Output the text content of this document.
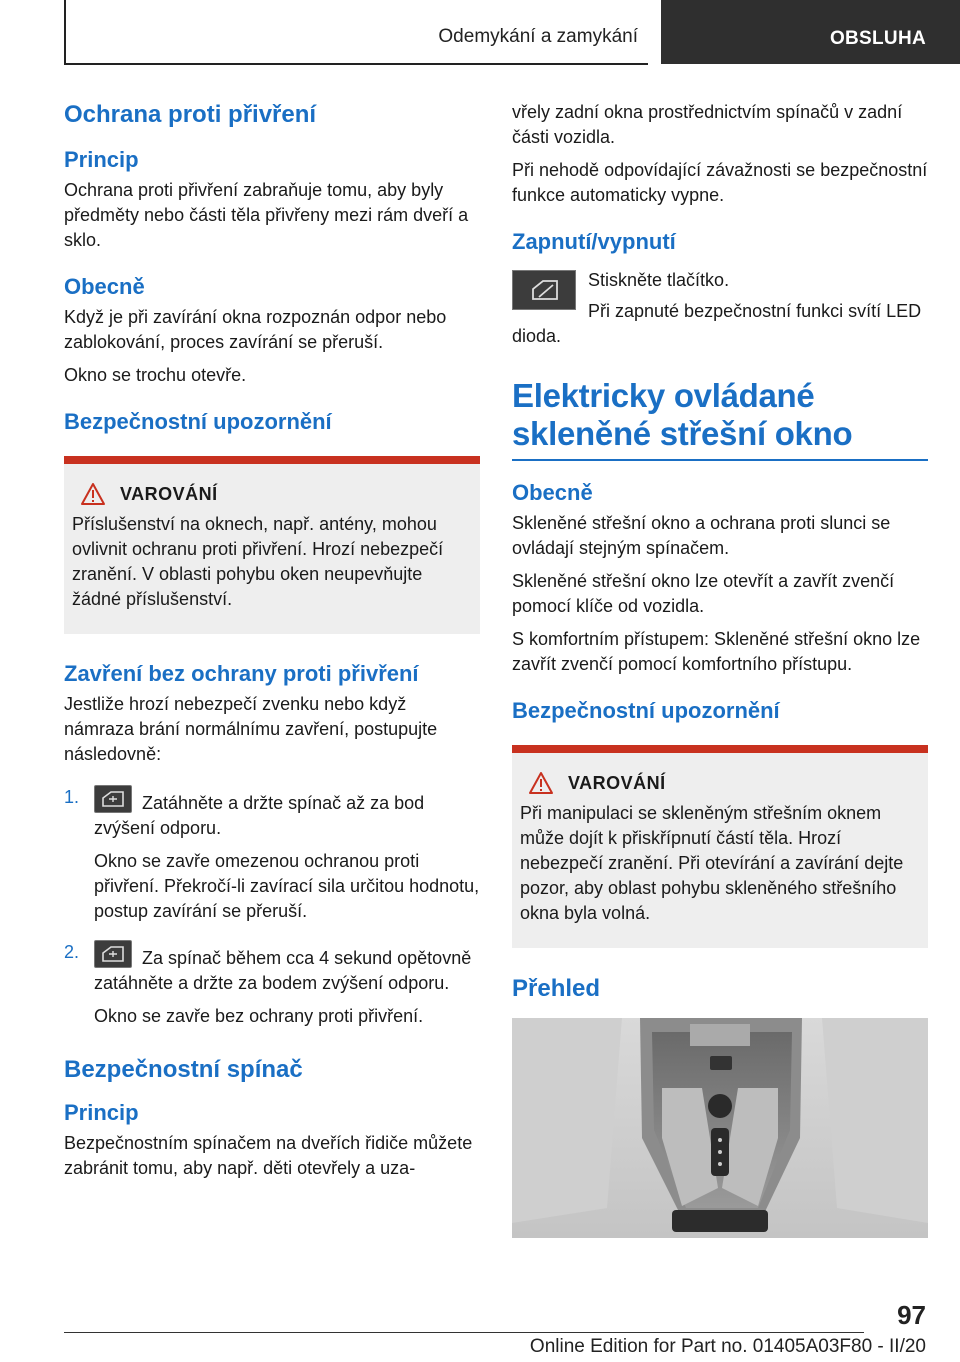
Odemykání a zamykání	OBSLUHA
Ochrana proti přivření
Princip

Ochrana proti přivření zabraňuje tomu, aby byly předměty nebo části těla přivřeny mezi rám dveří a sklo.

Obecně

Když je při zavírání okna rozpoznán odpor nebo zablokování, proces zavírání se přeruší.

Okno se trochu otevře.

Bezpečnostní upozornění
VAROVÁNÍ

Příslušenství na oknech, např. antény, mohou ovlivnit ochranu proti přivření. Hrozí nebezpečí zranění. V oblasti pohybu oken neupevňujte žádné příslušenství.

Zavření bez ochrany proti přivření

Jestliže hrozí nebezpečí zvenku nebo když námraza brání normálnímu zavření, postupujte následovně:

1.	Zatáhněte a držte spínač až za bod zvýšení odporu.

Okno se zavře omezenou ochranou proti přivření. Překročí-li zavírací sila určitou hodnotu, postup zavírání se přeruší.

2.	Za spínač během cca 4 sekund opětovně zatáhněte a držte za bodem zvýšení odporu.

Okno se zavře bez ochrany proti přivření.

Bezpečnostní spínač
Princip

Bezpečnostním spínačem na dveřích řidiče můžete zabránit tomu, aby např. děti otevřely a uza-

vřely zadní okna prostřednictvím spínačů v zadní části vozidla.

Při nehodě odpovídající závažnosti se bezpečnostní funkce automaticky vypne.

Zapnutí/vypnutí

Stiskněte tlačítko.

Při zapnuté bezpečnostní funkci svítí LED dioda.

Elektricky ovládané skleněné střešní okno
Obecně

Skleněné střešní okno a ochrana proti slunci se ovládají stejným spínačem.

Skleněné střešní okno lze otevřít a zavřít zvenčí pomocí klíče od vozidla.

S komfortním přístupem: Skleněné střešní okno lze zavřít zvenčí pomocí komfortního přístupu.

Bezpečnostní upozornění
VAROVÁNÍ

Při manipulaci se skleněným střešním oknem může dojít k přiskřípnutí částí těla. Hrozí nebezpečí zranění. Při otevírání a zavírání dejte pozor, aby oblast pohybu skleněného střešního okna byla volná.

Přehled
97
Online Edition for Part no. 01405A03F80 - II/20
